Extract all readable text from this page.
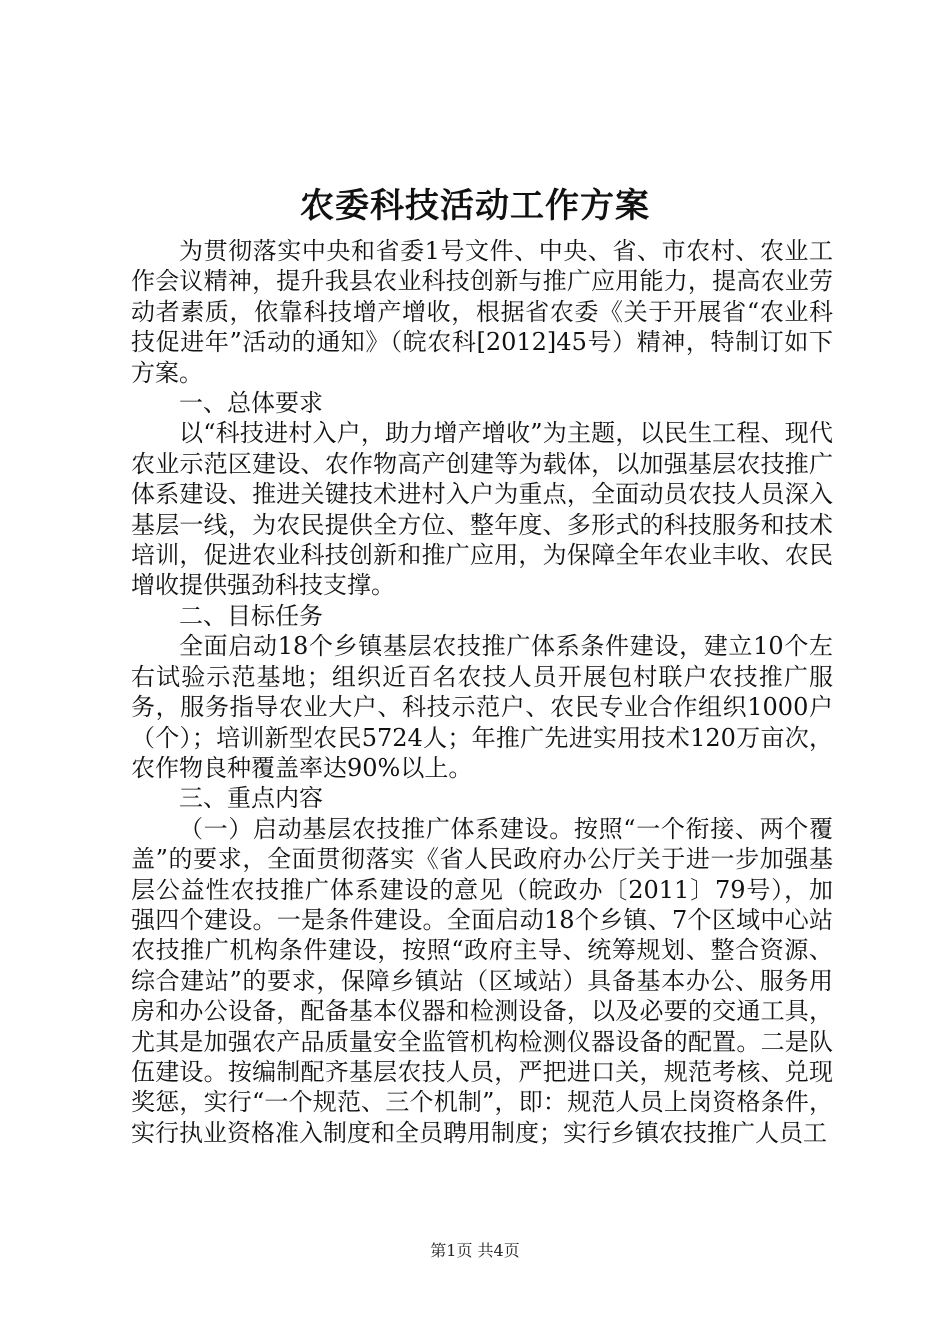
农委科技活动工作方案

为贯彻落实中央和省委1号文件、中央、省、市农村、农业工作会议精神，提升我县农业科技创新与推广应用能力，提高农业劳动者素质，依靠科技增产增收，根据省农委《关于开展省“农业科技促进年”活动的通知》（皖农科[2012]45号）精神，特制订如下方案。

一、总体要求

以“科技进村入户，助力增产增收”为主题，以民生工程、现代农业示范区建设、农作物高产创建等为载体，以加强基层农技推广体系建设、推进关键技术进村入户为重点，全面动员农技人员深入基层一线，为农民提供全方位、整年度、多形式的科技服务和技术培训，促进农业科技创新和推广应用，为保障全年农业丰收、农民增收提供强劲科技支撑。

二、目标任务

全面启动18个乡镇基层农技推广体系条件建设，建立10个左右试验示范基地；组织近百名农技人员开展包村联户农技推广服务，服务指导农业大户、科技示范户、农民专业合作组织1000户（个）；培训新型农民5724人；年推广先进实用技术120万亩次，农作物良种覆盖率达90%以上。

三、重点内容

（一）启动基层农技推广体系建设。按照“一个衔接、两个覆盖”的要求，全面贯彻落实《省人民政府办公厅关于进一步加强基层公益性农技推广体系建设的意见（皖政办〔2011〕79号），加强四个建设。一是条件建设。全面启动18个乡镇、7个区域中心站农技推广机构条件建设，按照“政府主导、统筹规划、整合资源、综合建站”的要求，保障乡镇站（区域站）具备基本办公、服务用房和办公设备，配备基本仪器和检测设备，以及必要的交通工具，尤其是加强农产品质量安全监管机构检测仪器设备的配置。二是队伍建设。按编制配齐基层农技人员，严把进口关，规范考核、兑现奖惩，实行“一个规范、三个机制”，即：规范人员上岗资格条件，实行执业资格准入制度和全员聘用制度；实行乡镇农技推广人员工

第1页 共4页
